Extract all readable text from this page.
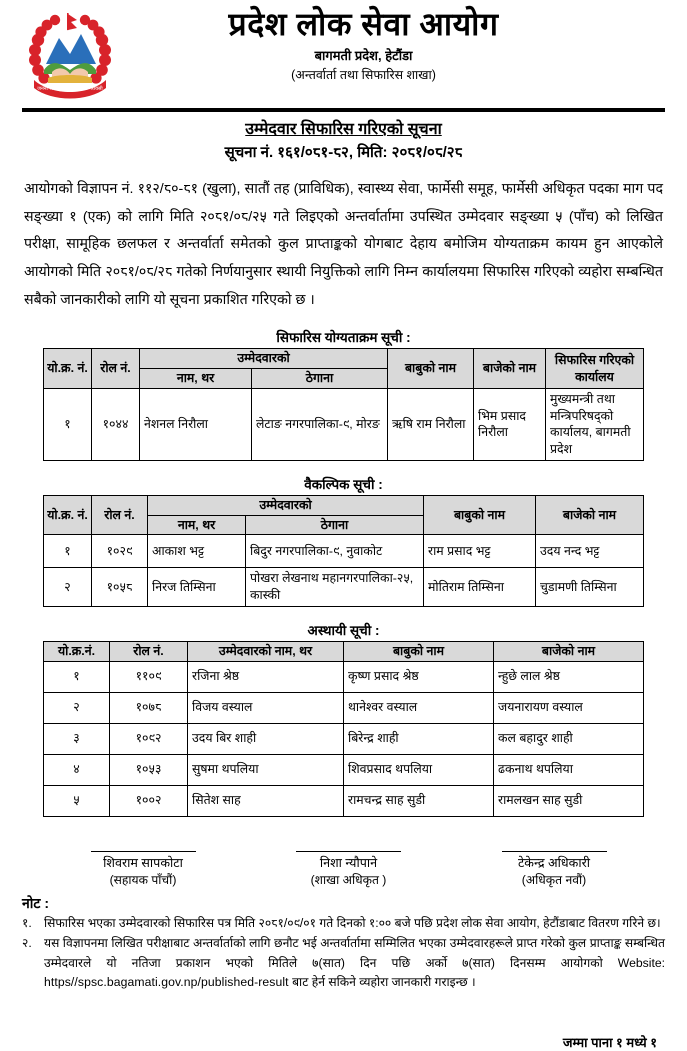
जननी जन्मभूमिश्च स्वर्गादपि गरीयसी
प्रदेश लोक सेवा आयोग
बागमती प्रदेश, हेटौंडा
(अन्तर्वार्ता तथा सिफारिस शाखा)
उम्मेदवार सिफारिस गरिएको सूचना
सूचना नं. १६१/०८१-८२, मिति: २०८१/०८/२८
आयोगको विज्ञापन नं. ११२/८०-८१ (खुला), सातौं तह (प्राविधिक), स्वास्थ्य सेवा, फार्मेसी समूह, फार्मेसी अधिकृत पदका माग पद सङ्ख्या १ (एक) को लागि मिति २०८१/०८/२५ गते लिइएको अन्तर्वार्तामा उपस्थित उम्मेदवार सङ्ख्या ५ (पाँच) को लिखित परीक्षा, सामूहिक छलफल र अन्तर्वार्ता समेतको कुल प्राप्ताङ्कको योगबाट देहाय बमोजिम योग्यताक्रम कायम हुन आएकोले आयोगको मिति २०८१/०८/२८ गतेको निर्णयानुसार स्थायी नियुक्तिको लागि निम्न कार्यालयमा सिफारिस गरिएको व्यहोरा सम्बन्धित सबैको जानकारीको लागि यो सूचना प्रकाशित गरिएको छ ।
सिफारिस योग्यताक्रम सूची :
यो.क्र. नं.	रोल नं.	उम्मेदवारको		बाबुको नाम	बाजेको नाम	सिफारिस गरिएको कार्यालय
		नाम, थर	ठेगाना			
१	१०४४	नेशनल निरौला	लेटाङ नगरपालिका-९, मोरङ	ऋषि राम निरौला	भिम प्रसाद निरौला	मुख्यमन्त्री तथा मन्त्रिपरिषद्को कार्यालय, बागमती प्रदेश
वैकल्पिक सूची :
यो.क्र. नं.	रोल नं.	उम्मेदवारको		बाबुको नाम	बाजेको नाम
		नाम, थर	ठेगाना		
१	१०२९	आकाश भट्ट	बिदुर नगरपालिका-९, नुवाकोट	राम प्रसाद भट्ट	उदय नन्द भट्ट
२	१०५८	निरज तिम्सिना	पोखरा लेखनाथ महानगरपालिका-२५, कास्की	मोतिराम तिम्सिना	चुडामणी तिम्सिना
अस्थायी सूची :
यो.क्र.नं.	रोल नं.	उम्मेदवारको नाम, थर	बाबुको नाम	बाजेको नाम
१	११०९	रजिना श्रेष्ठ	कृष्ण प्रसाद श्रेष्ठ	न्हुछे लाल श्रेष्ठ
२	१०७८	विजय वस्याल	थानेश्वर वस्याल	जयनारायण वस्याल
३	१०९२	उदय बिर शाही	बिरेन्द्र शाही	कल बहादुर शाही
४	१०५३	सुषमा थपलिया	शिवप्रसाद थपलिया	ढकनाथ थपलिया
५	१००२	सितेश साह	रामचन्द्र साह सुडी	रामलखन साह सुडी
शिवराम सापकोटा
(सहायक पाँचौं)
निशा न्यौपाने
(शाखा अधिकृत )
टेकेन्द्र अधिकारी
(अधिकृत नवौं)
नोट :
१.	सिफारिस भएका उम्मेदवारको सिफारिस पत्र मिति २०८१/०९/०१ गते दिनको १:०० बजे पछि प्रदेश लोक सेवा आयोग, हेटौंडाबाट वितरण गरिने छ।
२.	यस विज्ञापनमा लिखित परीक्षाबाट अन्तर्वार्ताको लागि छनौट भई अन्तर्वार्तामा सम्मिलित भएका उम्मेदवारहरूले प्राप्त गरेको कुल प्राप्ताङ्क सम्बन्धित उम्मेदवारले यो नतिजा प्रकाशन भएको मितिले ७(सात) दिन पछि अर्को ७(सात) दिनसम्म आयोगको Website: https//spsc.bagamati.gov.np/published-result बाट हेर्न सकिने व्यहोरा जानकारी गराइन्छ ।
जम्मा पाना १ मध्ये १
